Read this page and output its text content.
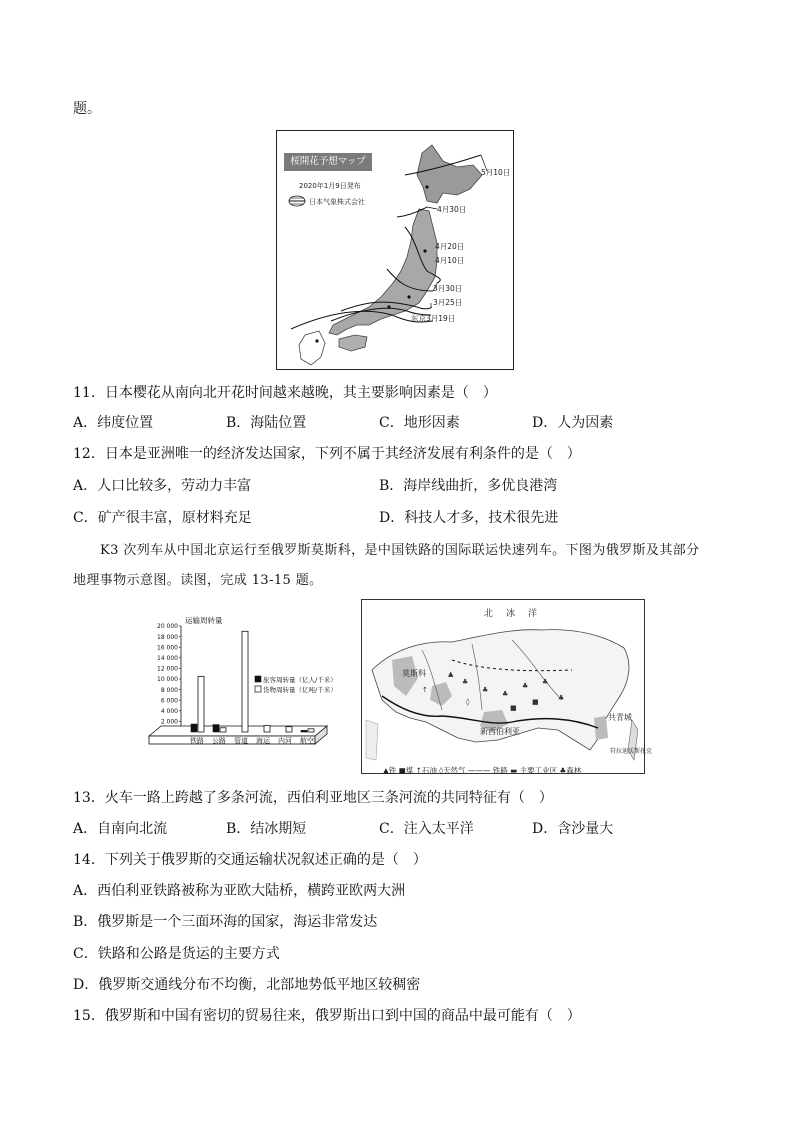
题。
桜開花予想マップ
2020年1月9日発布
日本气象株式会社
5月10日
4月30日
4月20日
4月10日
3月30日
3月25日
东京3月19日
11．日本樱花从南向北开花时间越来越晚，其主要影响因素是（　）
A．纬度位置	B．海陆位置	C．地形因素	D．人为因素
12．日本是亚洲唯一的经济发达国家，下列不属于其经济发展有利条件的是（　）
A．人口比较多，劳动力丰富	B．海岸线曲折，多优良港湾
C．矿产很丰富，原材料充足	D．科技人才多，技术很先进
K3 次列车从中国北京运行至俄罗斯莫斯科，是中国铁路的国际联运快速列车。下图为俄罗斯及其部分
地理事物示意图。读图，完成 13-15 题。
运输周转量
20 000
18 000
16 000
14 000
12 000
10 000
8 000
6 000
4 000
2 000
铁路 公路 管道 海运 内河 航空
旅客周转量（亿人/千米）
货物周转量（亿吨/千米）	♣ ♣
♣ ♣
♣
♣
▲
■
■
↑
◊
北　冰　洋
莫斯科
新西伯利亚
共青城
符拉迪沃斯托克
▲铁 ■煤 ↑石油 ◊天然气 ——— 铁路 ▬ 主要工业区 ♣森林
13．火车一路上跨越了多条河流，西伯利亚地区三条河流的共同特征有（　）
A．自南向北流	B．结冰期短	C．注入太平洋	D．含沙量大
14．下列关于俄罗斯的交通运输状况叙述正确的是（　）
A．西伯利亚铁路被称为亚欧大陆桥，横跨亚欧两大洲
B．俄罗斯是一个三面环海的国家，海运非常发达
C．铁路和公路是货运的主要方式
D．俄罗斯交通线分布不均衡，北部地势低平地区较稠密
15．俄罗斯和中国有密切的贸易往来，俄罗斯出口到中国的商品中最可能有（　）
